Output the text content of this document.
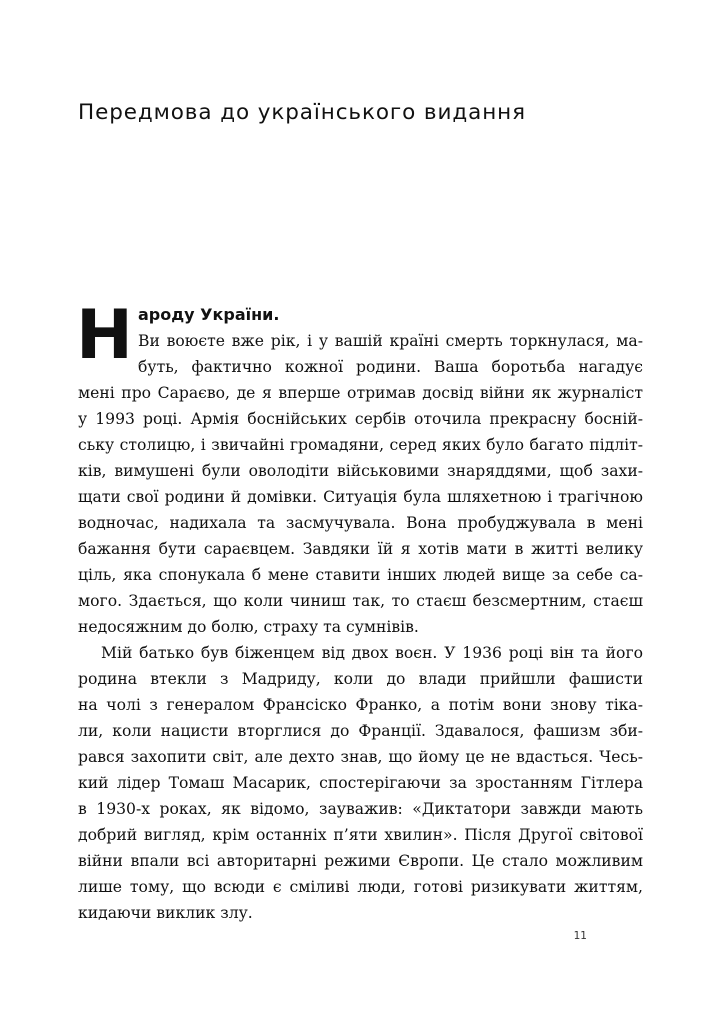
Передмова до українського видання
Н ароду України.
Ви воюєте вже рік, і у вашій країні смерть торкнулася, ма-
буть, фактично кожної родини. Ваша боротьба нагадує
мені про Сараєво, де я вперше отримав досвід війни як журналіст
у 1993 році. Армія боснійських сербів оточила прекрасну босній-
ську столицю, і звичайні громадяни, серед яких було багато підліт-
ків, вимушені були оволодіти військовими знаряддями, щоб захи-
щати свої родини й домівки. Ситуація була шляхетною і трагічною
водночас, надихала та засмучувала. Вона пробуджувала в мені
бажання бути сараєвцем. Завдяки їй я хотів мати в житті велику
ціль, яка спонукала б мене ставити інших людей вище за себе са-
мого. Здається, що коли чиниш так, то стаєш безсмертним, стаєш
недосяжним до болю, страху та сумнівів.
Мій батько був біженцем від двох воєн. У 1936 році він та його
родина втекли з Мадриду, коли до влади прийшли фашисти
на чолі з генералом Франсіско Франко, а потім вони знову тіка-
ли, коли нацисти вторглися до Франції. Здавалося, фашизм зби-
рався захопити світ, але дехто знав, що йому це не вдасться. Чесь-
кий лідер Томаш Масарик, спостерігаючи за зростанням Гітлера
в 1930-х роках, як відомо, зауважив: «Диктатори завжди мають
добрий вигляд, крім останніх п’яти хвилин». Після Другої світової
війни впали всі авторитарні режими Європи. Це стало можливим
лише тому, що всюди є сміливі люди, готові ризикувати життям,
кидаючи виклик злу.
11
